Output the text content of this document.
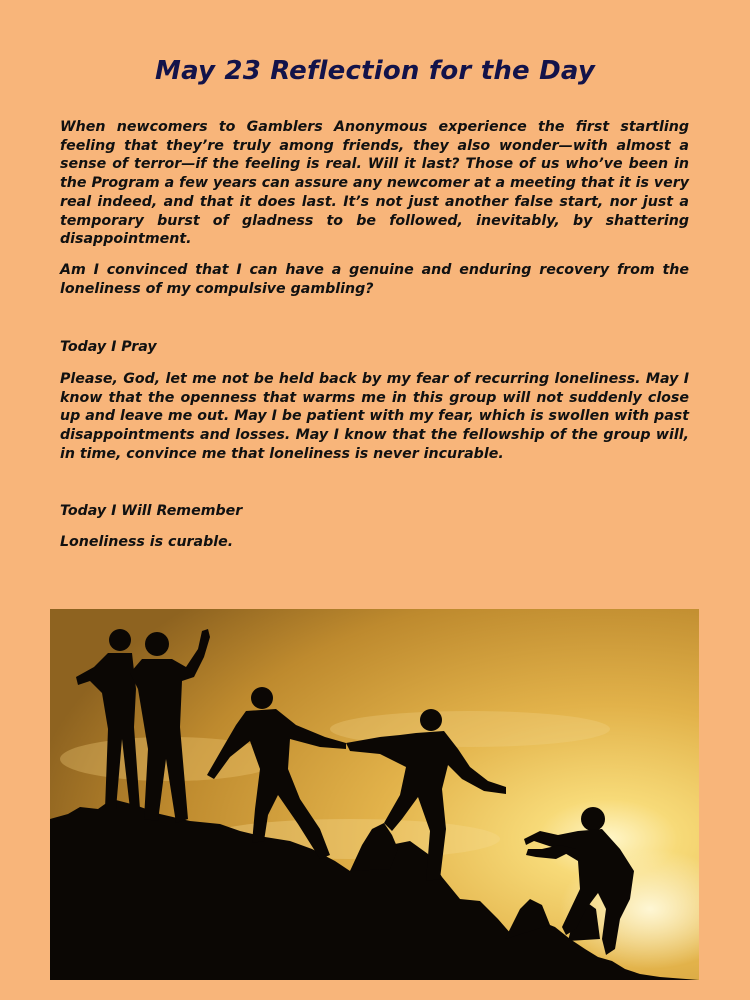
May 23 Reflection for the Day

When newcomers to Gamblers Anonymous experience the first startling feeling that they’re truly among friends, they also wonder—with almost a sense of terror—if the feeling is real. Will it last? Those of us who’ve been in the Program a few years can assure any newcomer at a meeting that it is very real indeed, and that it does last. It’s not just another false start, nor just a temporary burst of gladness to be followed, inevitably, by shattering disappointment.

Am I convinced that I can have a genuine and enduring recovery from the loneliness of my compulsive gambling?

Today I Pray

Please, God, let me not be held back by my fear of recurring loneliness. May I know that the openness that warms me in this group will not suddenly close up and leave me out. May I be patient with my fear, which is swollen with past disappointments and losses. May I know that the fellowship of the group will, in time, convince me that loneliness is never incurable.

Today I Will Remember

Loneliness is curable.
